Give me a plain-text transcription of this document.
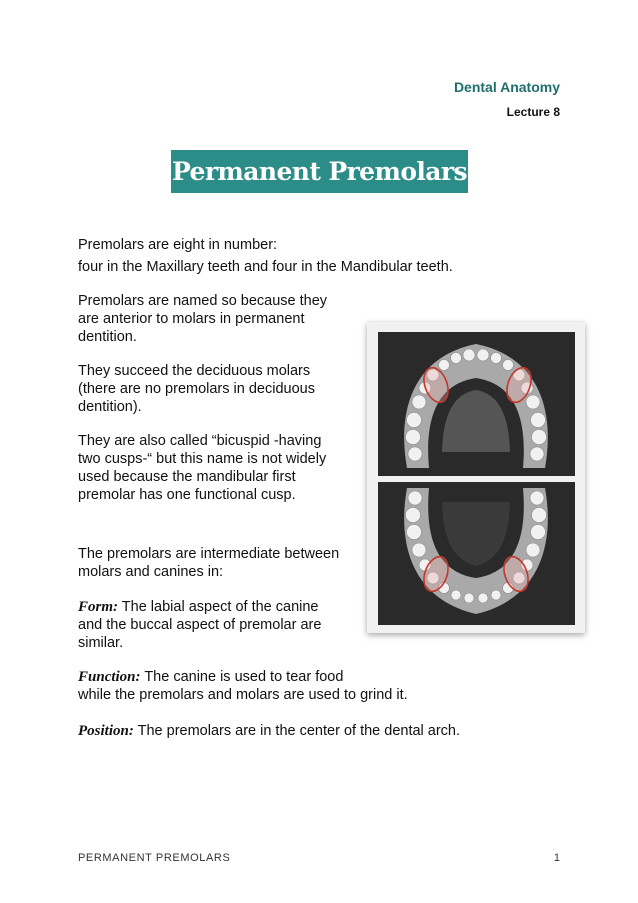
Dental Anatomy
Lecture 8
Permanent Premolars
Premolars are eight in number:
four in the Maxillary teeth and four in the Mandibular teeth.
Premolars are named so because they
are anterior to molars in permanent
dentition.
They succeed the deciduous molars
(there are no premolars in deciduous
dentition).
They are also called “bicuspid -having
two cusps-“ but this name is not widely
used because the mandibular first
premolar has one functional cusp.
The premolars are intermediate between
molars and canines in:
Form: The labial aspect of the canine
and the buccal aspect of premolar are
similar.
Function: The canine is used to tear food
while the premolars and molars are used to grind it.
Position: The premolars are in the center of the dental arch.
PERMANENT PREMOLARS	1
